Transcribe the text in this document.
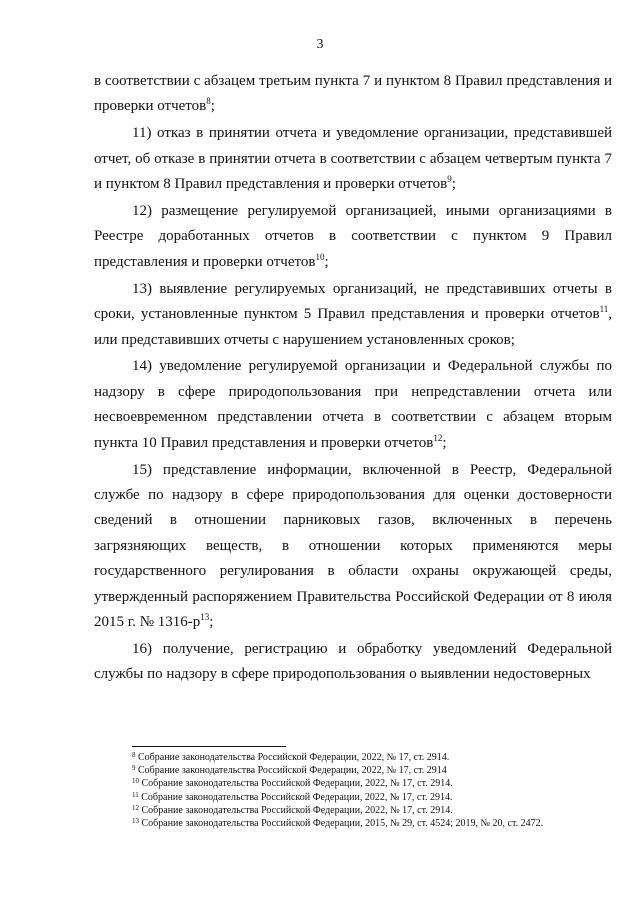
3

в соответствии с абзацем третьим пункта 7 и пунктом 8 Правил представления и проверки отчетов$^8$;

11) отказ в принятии отчета и уведомление организации, представившей отчет, об отказе в принятии отчета в соответствии с абзацем четвертым пункта 7 и пунктом 8 Правил представления и проверки отчетов$^9$;

12) размещение регулируемой организацией, иными организациями в Реестре доработанных отчетов в соответствии с пунктом 9 Правил представления и проверки отчетов$^{10}$;

13) выявление регулируемых организаций, не представивших отчеты в сроки, установленные пунктом 5 Правил представления и проверки отчетов$^{11}$, или представивших отчеты с нарушением установленных сроков;

14) уведомление регулируемой организации и Федеральной службы по надзору в сфере природопользования при непредставлении отчета или несвоевременном представлении отчета в соответствии с абзацем вторым пункта 10 Правил представления и проверки отчетов$^{12}$;

15) представление информации, включенной в Реестр, Федеральной службе по надзору в сфере природопользования для оценки достоверности сведений в отношении парниковых газов, включенных в перечень загрязняющих веществ, в отношении которых применяются меры государственного регулирования в области охраны окружающей среды, утвержденный распоряжением Правительства Российской Федерации от 8 июля 2015 г. № $1316-р^{13}$;

16) получение, регистрацию и обработку уведомлений Федеральной службы по надзору в сфере природопользования о выявлении недостоверных

$^8$ Собрание законодательства Российской Федерации, 2022, № 17, ст. 2914.

$^9$ Собрание законодательства Российской Федерации, 2022, № 17, ст. 2914

$^{10}$ Собрание законодательства Российской Федерации, 2022, № 17, ст. 2914.

$^{11}$ Собрание законодательства Российской Федерации, 2022, № 17, ст. 2914.

$^{12}$ Собрание законодательства Российской Федерации, 2022, № 17, ст. 2914.

$^{13}$ Собрание законодательства Российской Федерации, 2015, № 29, ст. 4524; 2019, № 20, ст. 2472.
